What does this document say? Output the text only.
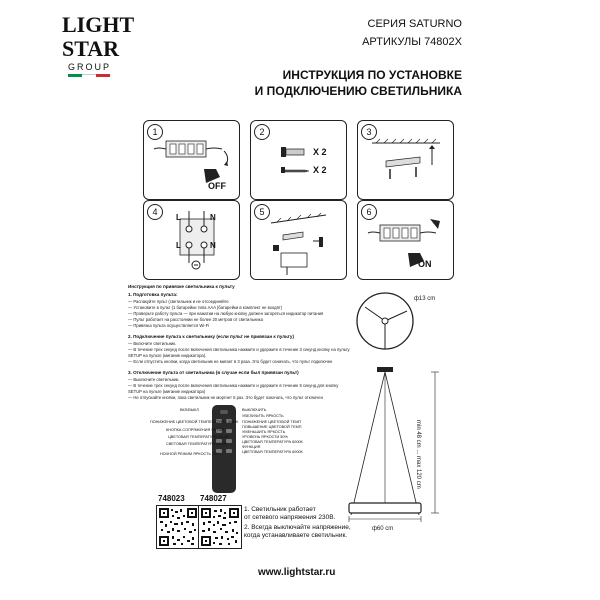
LIGHT
STAR
GROUP
СЕРИЯ SATURNO
АРТИКУЛЫ 74802X
ИНСТРУКЦИЯ ПО УСТАНОВКЕ
И ПОДКЛЮЧЕНИЮ СВЕТИЛЬНИКА
1
OFF
2
X 2
X 2
3
4
L	N
L	N
5	6
ON
Инструкция по привязке светильника к пульту
1. Подготовка пульта:
— Распакуйте пульт (светильник и не отсоединяйте
— Установите в пульт (1 батарейки типа AAA (батарейки в комплект не входят)
— Проверьте работу пульта — при нажатии на любую кнопку должен загореться индикатор питания
— Пульт работает на расстоянии не более 20 метров от светильника
— Привязка пульта осуществляется Wi-Fi
2. Подключение пульта к светильнику (если пульт не привязан к пульту)
— Включите светильник.
— В течение трех секунд после включения светильника нажмите и удержите в течение 3 секунд кнопку на пульту
SETUP на пульте (мигание индикатора).
— Если отпустить кнопки, когда светильник не мигает в 3 раза. Это будет означать, что пульт подключен
3. Отключение пульта от светильника (в случае если был привязан пульт)
— Выключите светильник.
— В течение трех секунд после включения светильника нажмите и удержите в течение 5 секунд для кнопку
SETUP на пульте (мигание индикатора)
— Не отпускайте кнопки, пока светильник не моргнет 5 раз. Это будет означать, что пульт отключен
ВКЛ/ВЫКЛ
ПОНИЖЕНИЕ ЦВЕТОВОЙ ТЕМПЕРАТУРЫ 3000К
КНОПКА СОПРЯЖЕНИЯ SETUP
ЦВЕТОВАЯ ТЕМПЕРАТУРА 3000К
СВЕТОВАЯ ТЕМПЕРАТУРА 4000К
НОЧНОЙ РЕЖИМ ЯРКОСТЬ 10%
ВЫКЛЮЧИТЬ
УВЕЛИЧИТЬ ЯРКОСТЬ
ПОНИЖЕНИЕ ЦВЕТОВОЙ ТЕМП
ПОВЫШЕНИЕ ЦВЕТОВОЙ ТЕМП
УМЕНЬШИТЬ ЯРКОСТЬ
УРОВЕНЬ ЯРКОСТИ 50%
ЦВЕТОВАЯ ТЕМПЕРАТУРА 6000К
ФУНКЦИЯ
ЦВЕТОВАЯ ТЕМПЕРАТУРА 6000К
ф13 cm
min 48 cm ... max 120 cm
ф60 cm
748023 748027
1. Светильник работает
от сетевого напряжения 230В.
2. Всегда выключайте напряжение,
когда устанавливаете светильник.
www.lightstar.ru
